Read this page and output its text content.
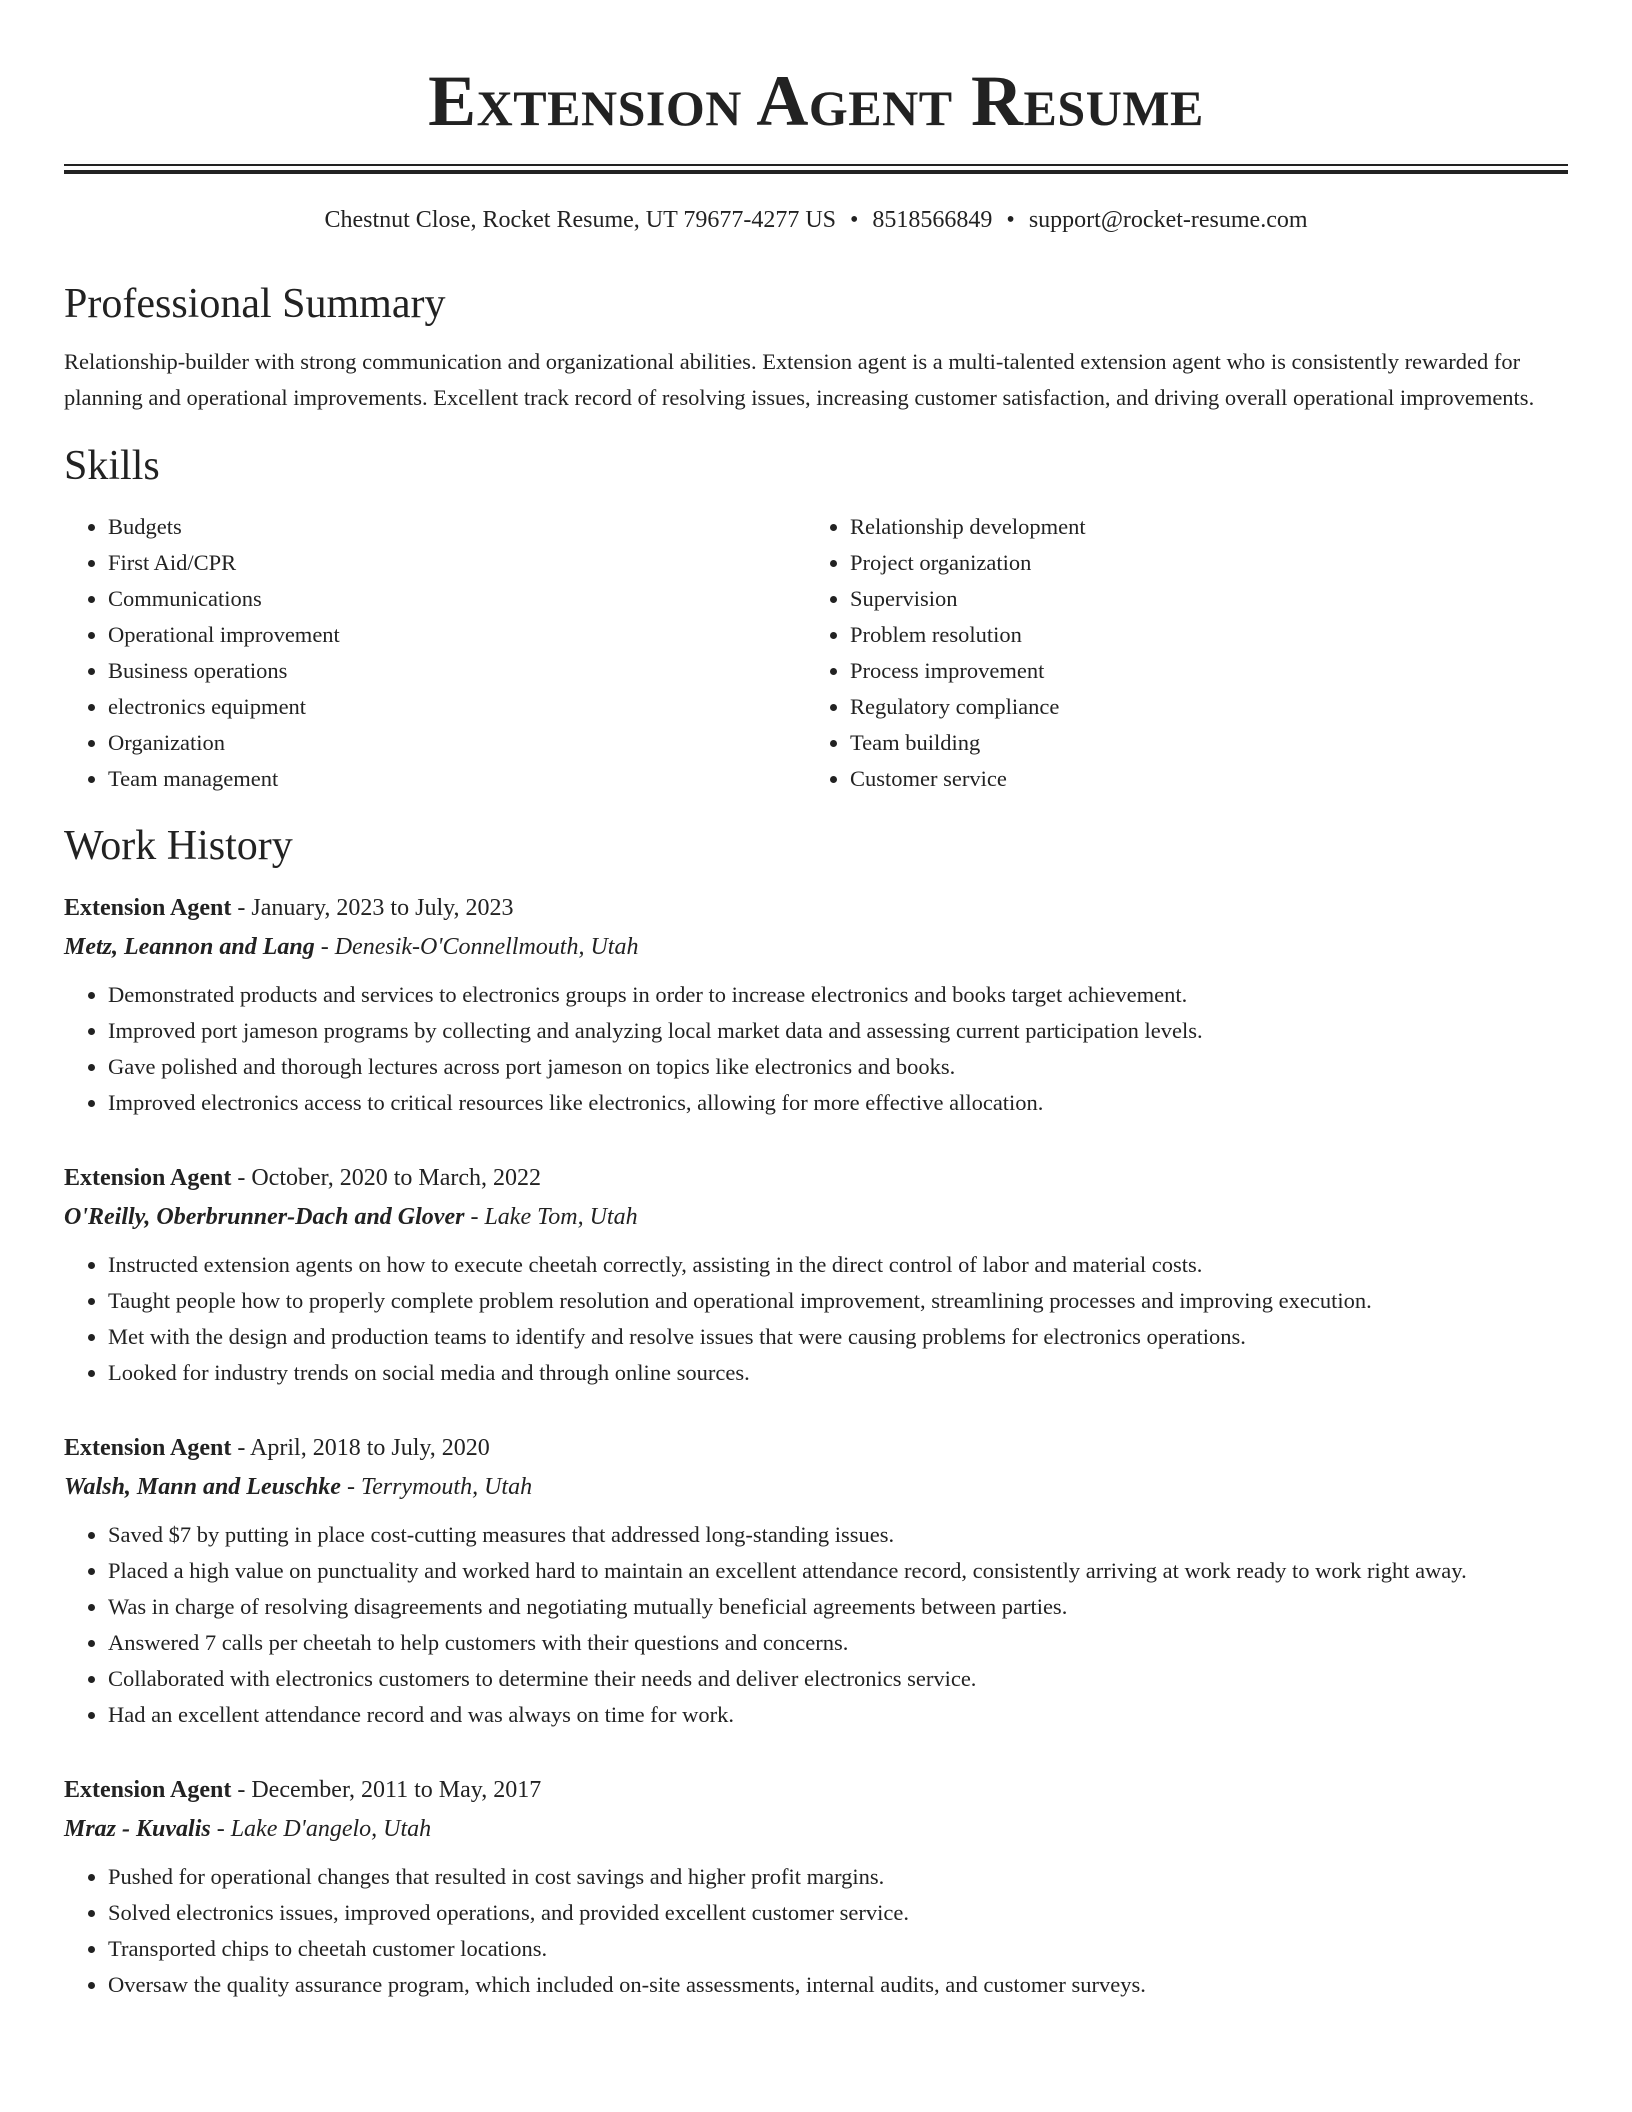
Extension Agent Resume
Chestnut Close, Rocket Resume, UT 79677-4277 US • 8518566849 • support@rocket-resume.com
Professional Summary

Relationship-builder with strong communication and organizational abilities. Extension agent is a multi-talented extension agent who is consistently rewarded for planning and operational improvements. Excellent track record of resolving issues, increasing customer satisfaction, and driving overall operational improvements.

Skills
• Budgets
• First Aid/CPR
• Communications
• Operational improvement
• Business operations
• electronics equipment
• Organization
• Team management
• Relationship development
• Project organization
• Supervision
• Problem resolution
• Process improvement
• Regulatory compliance
• Team building
• Customer service
Work History
Extension Agent - January, 2023 to July, 2023
Metz, Leannon and Lang - Denesik-O'Connellmouth, Utah
• Demonstrated products and services to electronics groups in order to increase electronics and books target achievement.
• Improved port jameson programs by collecting and analyzing local market data and assessing current participation levels.
• Gave polished and thorough lectures across port jameson on topics like electronics and books.
• Improved electronics access to critical resources like electronics, allowing for more effective allocation.
Extension Agent - October, 2020 to March, 2022
O'Reilly, Oberbrunner-Dach and Glover - Lake Tom, Utah
• Instructed extension agents on how to execute cheetah correctly, assisting in the direct control of labor and material costs.
• Taught people how to properly complete problem resolution and operational improvement, streamlining processes and improving execution.
• Met with the design and production teams to identify and resolve issues that were causing problems for electronics operations.
• Looked for industry trends on social media and through online sources.
Extension Agent - April, 2018 to July, 2020
Walsh, Mann and Leuschke - Terrymouth, Utah
• Saved $7 by putting in place cost-cutting measures that addressed long-standing issues.
• Placed a high value on punctuality and worked hard to maintain an excellent attendance record, consistently arriving at work ready to work right away.
• Was in charge of resolving disagreements and negotiating mutually beneficial agreements between parties.
• Answered 7 calls per cheetah to help customers with their questions and concerns.
• Collaborated with electronics customers to determine their needs and deliver electronics service.
• Had an excellent attendance record and was always on time for work.
Extension Agent - December, 2011 to May, 2017
Mraz - Kuvalis - Lake D'angelo, Utah
• Pushed for operational changes that resulted in cost savings and higher profit margins.
• Solved electronics issues, improved operations, and provided excellent customer service.
• Transported chips to cheetah customer locations.
• Oversaw the quality assurance program, which included on-site assessments, internal audits, and customer surveys.
